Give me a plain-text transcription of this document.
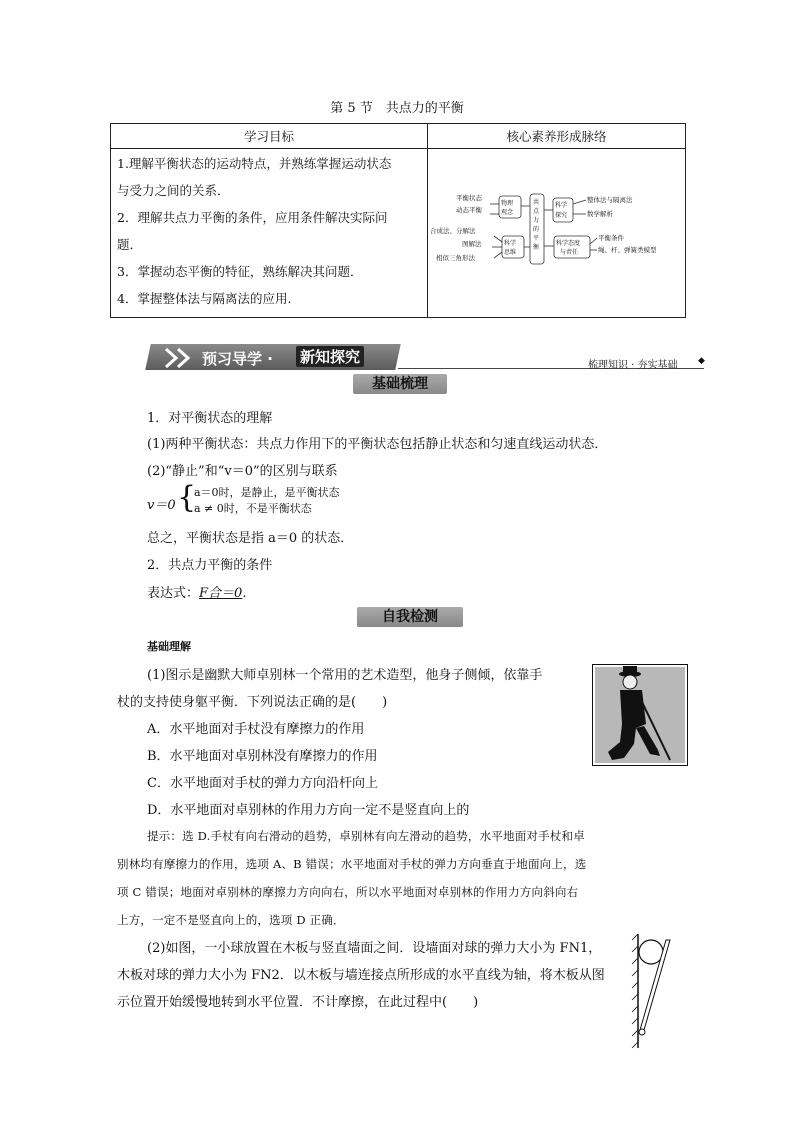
第 5 节　共点力的平衡
学习目标	核心素养形成脉络

1.理解平衡状态的运动特点，并熟练掌握运动状态
与受力之间的关系．
2．理解共点力平衡的条件，应用条件解决实际问
题．
3．掌握动态平衡的特征，熟练解决其问题．
4．掌握整体法与隔离法的应用.
平衡状态
动态平衡
合成法、分解法
图解法
相似三角形法
整体法与隔离法
数学解析
平衡条件
绳、杆、弹簧类模型
物理
观念
科学
思维
共
点
力
的
平
衡
科学
探究
科学态度
与责任
预习导学 · 新知探究	梳理知识 · 夯实基础 ◆
基础梳理
1．对平衡状态的理解
(1)两种平衡状态：共点力作用下的平衡状态包括静止状态和匀速直线运动状态．
(2)“静止”和“v＝0”的区别与联系
v＝0 {
a＝0时，是静止，是平衡状态
a ≠ 0时，不是平衡状态
总之，平衡状态是指 a＝0 的状态．
2．共点力平衡的条件
表达式：F合＝0.
自我检测
基础理解
(1)图示是幽默大师卓别林一个常用的艺术造型，他身子侧倾，依靠手
杖的支持使身躯平衡．下列说法正确的是(　　)
A．水平地面对手杖没有摩擦力的作用
B．水平地面对卓别林没有摩擦力的作用
C．水平地面对手杖的弹力方向沿杆向上
D．水平地面对卓别林的作用力方向一定不是竖直向上的
提示：选 D.手杖有向右滑动的趋势，卓别林有向左滑动的趋势，水平地面对手杖和卓
别林均有摩擦力的作用，选项 A、B 错误；水平地面对手杖的弹力方向垂直于地面向上，选
项 C 错误；地面对卓别林的摩擦力方向向右，所以水平地面对卓别林的作用力方向斜向右
上方，一定不是竖直向上的，选项 D 正确．
(2)如图，一小球放置在木板与竖直墙面之间．设墙面对球的弹力大小为 FN1，
木板对球的弹力大小为 FN2．以木板与墙连接点所形成的水平直线为轴，将木板从图
示位置开始缓慢地转到水平位置．不计摩擦，在此过程中(　　)
